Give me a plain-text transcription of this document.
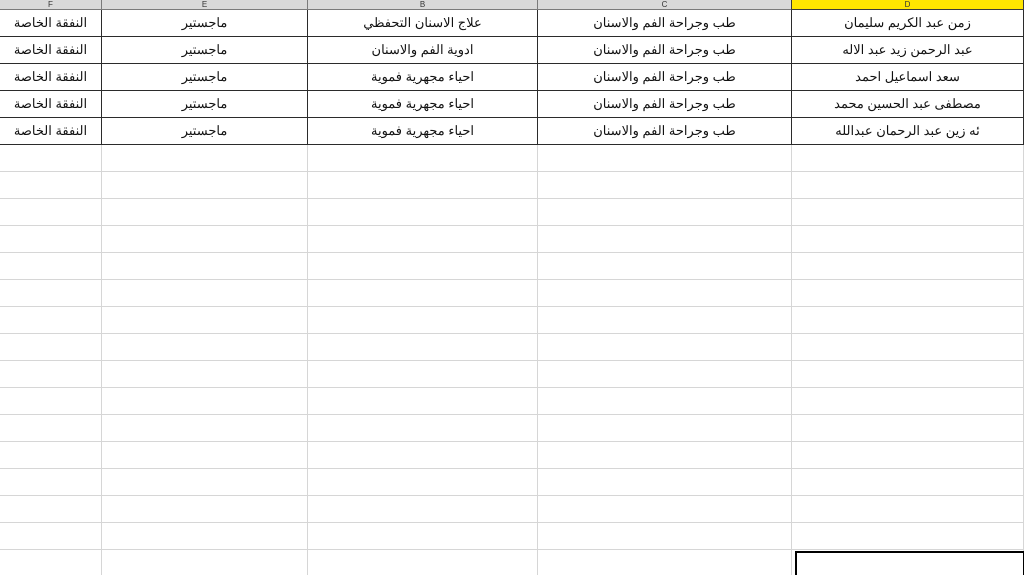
D	C	B	E	F
زمن عبد الكريم سليمان	طب وجراحة الفم والاسنان	علاج الاسنان التحفظي	ماجستير	النفقة الخاصة
عبد الرحمن زيد عبد الاله	طب وجراحة الفم والاسنان	ادوية الفم والاسنان	ماجستير	النفقة الخاصة
سعد اسماعيل احمد	طب وجراحة الفم والاسنان	احياء مجهرية فموية	ماجستير	النفقة الخاصة
مصطفى عبد الحسين محمد	طب وجراحة الفم والاسنان	احياء مجهرية فموية	ماجستير	النفقة الخاصة
ئه زين عبد الرحمان عبدالله	طب وجراحة الفم والاسنان	احياء مجهرية فموية	ماجستير	النفقة الخاصة
